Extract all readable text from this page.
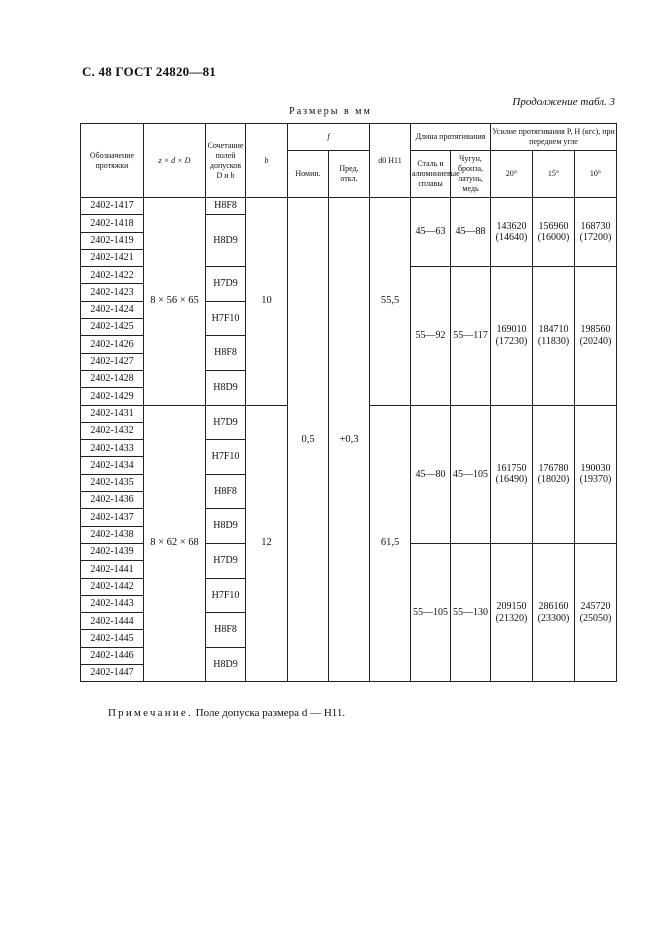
С. 48 ГОСТ 24820—81
Продолжение табл. 3
Размеры в мм
Обозначение протяжки	z × d × D	Сочетание полей допусков D и b	b	f		d0 H11	Длина протягивания		Усилие протягивания P, Н (кгс), при переднем угле		
				Номин.	Пред. откл.		Сталь и алюминиевые сплавы	Чугун, бронза, латунь, медь	20°	15°	10°
2402-1417	8 × 56 × 65	H8F8	10	0,5	+0,3	55,5	45—63	45—88	143620 (14640)	156960 (16000)	168730 (17200)
2402-1418		H8D9									
2402-1419											
2402-1421											
2402-1422		H7D9					55—92	55—117	169010 (17230)	184710 (11830)	198560 (20240)
2402-1423											
2402-1424		H7F10									
2402-1425											
2402-1426		H8F8									
2402-1427											
2402-1428		H8D9									
2402-1429											
2402-1431	8 × 62 × 68	H7D9	12			61,5	45—80	45—105	161750 (16490)	176780 (18020)	190030 (19370)
2402-1432											
2402-1433		H7F10									
2402-1434											
2402-1435		H8F8									
2402-1436											
2402-1437		H8D9									
2402-1438											
2402-1439		H7D9					55—105	55—130	209150 (21320)	286160 (23300)	245720 (25050)
2402-1441											
2402-1442		H7F10									
2402-1443											
2402-1444		H8F8									
2402-1445											
2402-1446		H8D9									
2402-1447											
Примечание. Поле допуска размера d — H11.
